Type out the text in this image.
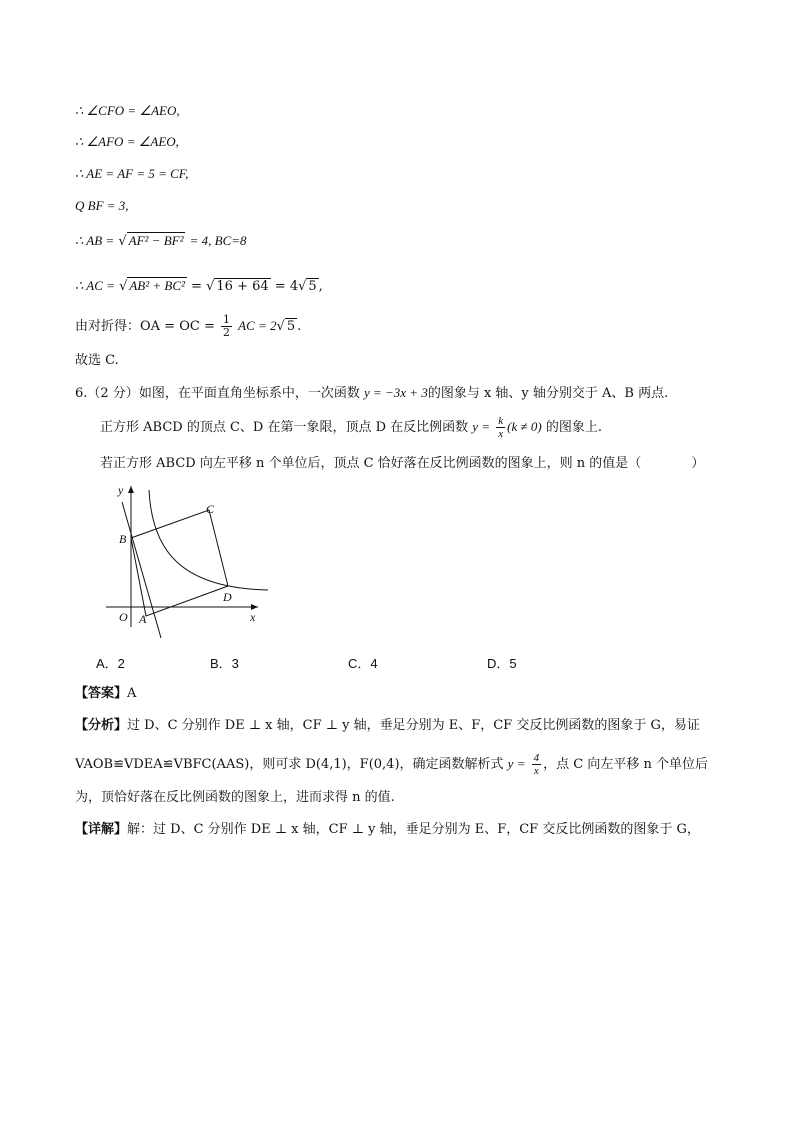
∴ ∠CFO = ∠AEO,
∴ ∠AFO = ∠AEO,
∴ AE = AF = 5 = CF,
Q BF = 3,
∴ AB = √ AF² − BF² = 4, BC=8
∴ AC = √ AB² + BC² = √ 16 + 64 = 4√ 5 ,
由对折得：OA = OC = $\frac{1}{2}$ AC = 2√ 5 .
故选 C.
6.（2 分）如图，在平面直角坐标系中，一次函数 y = −3x + 3的图象与 x 轴、y 轴分别交于 A、B 两点.
正方形 ABCD 的顶点 C、D 在第一象限，顶点 D 在反比例函数 $y = \frac{k}{x} (k \ne 0)$ 的图象上.
若正方形 ABCD 向左平移 n 个单位后，顶点 C 恰好落在反比例函数的图象上，则 n 的值是（	）
y
x
O A
B
C
D
A．2	B．3	C．4	D．5
【答案】A
【分析】过 D、C 分别作 DE ⊥ x 轴，CF ⊥ y 轴，垂足分别为 E、F，CF 交反比例函数的图象于 G，易证
VAOB≌VDEA≌VBFC(AAS)，则可求 D(4,1)，F(0,4)，确定函数解析式 $y = \frac{4}{x}$ ，点 C 向左平移 n 个单位后
为，顶恰好落在反比例函数的图象上，进而求得 n 的值.
【详解】解：过 D、C 分别作 DE ⊥ x 轴，CF ⊥ y 轴，垂足分别为 E、F，CF 交反比例函数的图象于 G，
